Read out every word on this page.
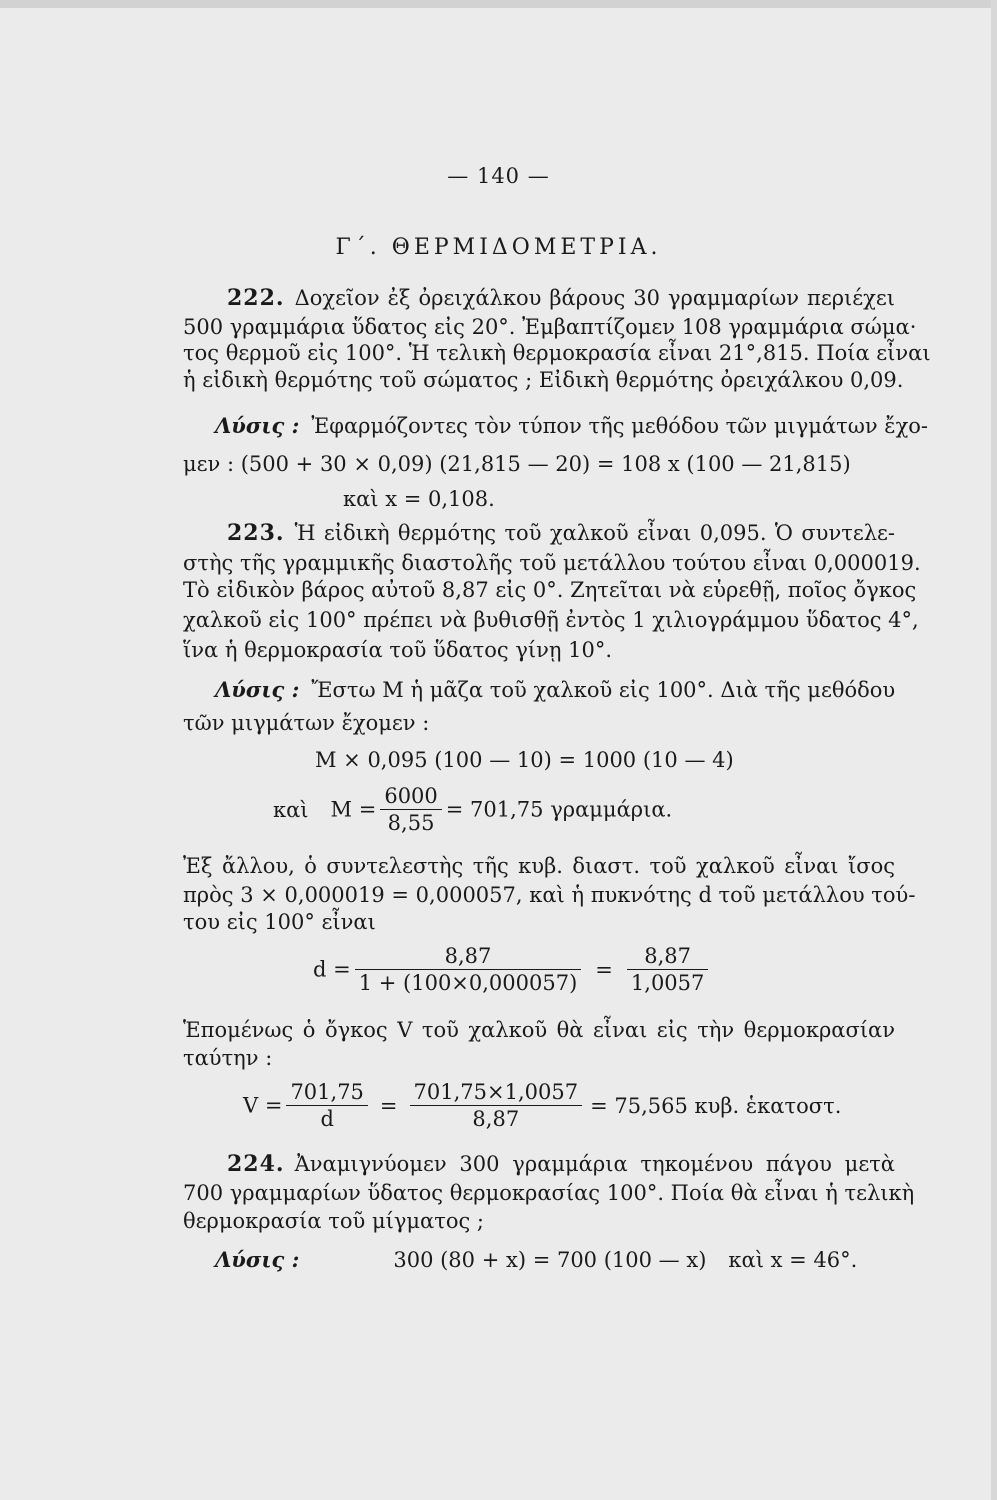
— 140 —
Γ΄. ΘΕΡΜΙΔΟΜΕΤΡΙΑ.
222. Δοχεῖον ἐξ ὀρειχάλκου βάρους 30 γραμμαρίων περιέχει
500 γραμμάρια ὕδατος εἰς 20°. Ἐμβαπτίζομεν 108 γραμμάρια σώμα·
τος θερμοῦ εἰς 100°. Ἡ τελικὴ θερμοκρασία εἶναι 21°,815. Ποία εἶναι
ἡ εἰδικὴ θερμότης τοῦ σώματος ; Εἰδικὴ θερμότης ὀρειχάλκου 0,09.
Λύσις : Ἐφαρμόζοντες τὸν τύπον τῆς μεθόδου τῶν μιγμάτων ἔχο-
μεν : (500 + 30 × 0,09) (21,815 — 20) = 108 x (100 — 21,815)
καὶ x = 0,108.
223. Ἡ εἰδικὴ θερμότης τοῦ χαλκοῦ εἶναι 0,095. Ὁ συντελε-
στὴς τῆς γραμμικῆς διαστολῆς τοῦ μετάλλου τούτου εἶναι 0,000019.
Τὸ εἰδικὸν βάρος αὐτοῦ 8,87 εἰς 0°. Ζητεῖται νὰ εὑρεθῇ, ποῖος ὄγκος
χαλκοῦ εἰς 100° πρέπει νὰ βυθισθῇ ἐντὸς 1 χιλιογράμμου ὕδατος 4°,
ἵνα ἡ θερμοκρασία τοῦ ὕδατος γίνῃ 10°.
Λύσις : Ἔστω Μ ἡ μᾶζα τοῦ χαλκοῦ εἰς 100°. Διὰ τῆς μεθόδου
τῶν μιγμάτων ἔχομεν :
Μ × 0,095 (100 — 10) = 1000 (10 — 4)
καὶ $M = \frac{6000}{8,55} = 701,75$ γραμμάρια.
Ἐξ ἄλλου, ὁ συντελεστὴς τῆς κυβ. διαστ. τοῦ χαλκοῦ εἶναι ἴσος
πρὸς 3 × 0,000019 = 0,000057, καὶ ἡ πυκνότης d τοῦ μετάλλου τού-
του εἰς 100° εἶναι
$d = \frac{8,87}{1 + (100\times 0,000057)} = \frac{8,87}{1,0057}$
Ἑπομένως ὁ ὄγκος V τοῦ χαλκοῦ θὰ εἶναι εἰς τὴν θερμοκρασίαν
ταύτην :
$V = \frac{701,75}{d} = \frac{701,75\times 1,0057}{8,87} = 75,565$ κυβ. ἑκατοστ.
224. Ἀναμιγνύομεν 300 γραμμάρια τηκομένου πάγου μετὰ
700 γραμμαρίων ὕδατος θερμοκρασίας 100°. Ποία θὰ εἶναι ἡ τελικὴ
θερμοκρασία τοῦ μίγματος ;
Λύσις :	300 (80 + x) = 700 (100 — x) καὶ x = 46°.
